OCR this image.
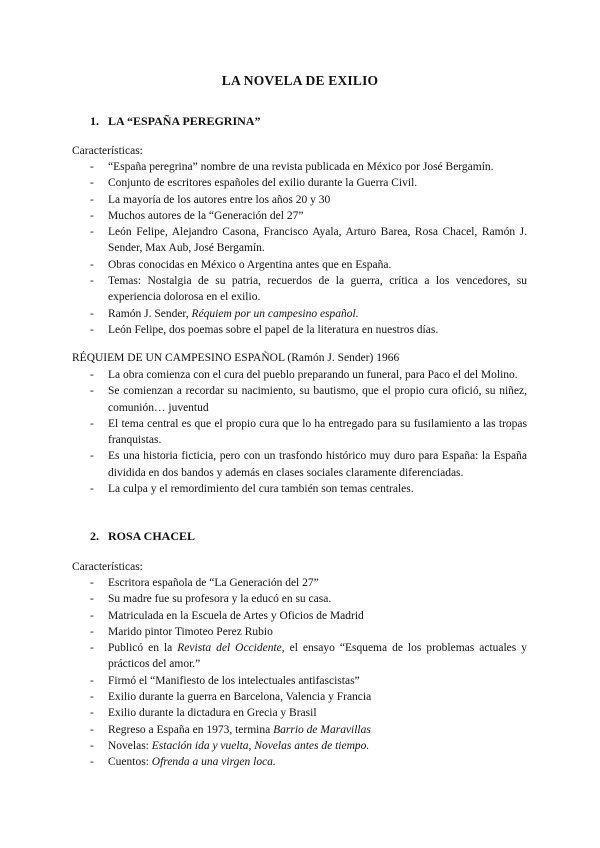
LA NOVELA DE EXILIO
1. LA “ESPAÑA PEREGRINA”
Características:
- “España peregrina” nombre de una revista publicada en México por José Bergamín.
- Conjunto de escritores españoles del exilio durante la Guerra Civil.
- La mayoría de los autores entre los años 20 y 30
- Muchos autores de la “Generación del 27”
- León Felipe, Alejandro Casona, Francisco Ayala, Arturo Barea, Rosa Chacel, Ramón J. Sender, Max Aub, José Bergamín.
- Obras conocidas en México o Argentina antes que en España.
- Temas: Nostalgia de su patria, recuerdos de la guerra, crítica a los vencedores, su experiencia dolorosa en el exilio.
- Ramón J. Sender, Réquiem por un campesino español.
- León Felipe, dos poemas sobre el papel de la literatura en nuestros días.
RÉQUIEM DE UN CAMPESINO ESPAÑOL (Ramón J. Sender) 1966
- La obra comienza con el cura del pueblo preparando un funeral, para Paco el del Molino.
- Se comienzan a recordar su nacimiento, su bautismo, que el propio cura ofició, su niñez, comunión… juventud
- El tema central es que el propio cura que lo ha entregado para su fusilamiento a las tropas franquistas.
- Es una historia ficticia, pero con un trasfondo histórico muy duro para España: la España dividida en dos bandos y además en clases sociales claramente diferenciadas.
- La culpa y el remordimiento del cura también son temas centrales.
2. ROSA CHACEL
Características:
- Escritora española de “La Generación del 27”
- Su madre fue su profesora y la educó en su casa.
- Matriculada en la Escuela de Artes y Oficios de Madrid
- Marido pintor Timoteo Perez Rubio
- Publicó en la Revista del Occidente, el ensayo “Esquema de los problemas actuales y prácticos del amor.”
- Firmó el “Manifiesto de los intelectuales antifascistas”
- Exilio durante la guerra en Barcelona, Valencia y Francia
- Exilio durante la dictadura en Grecia y Brasil
- Regreso a España en 1973, termina Barrio de Maravillas
- Novelas: Estación ida y vuelta, Novelas antes de tiempo.
- Cuentos: Ofrenda a una virgen loca.
